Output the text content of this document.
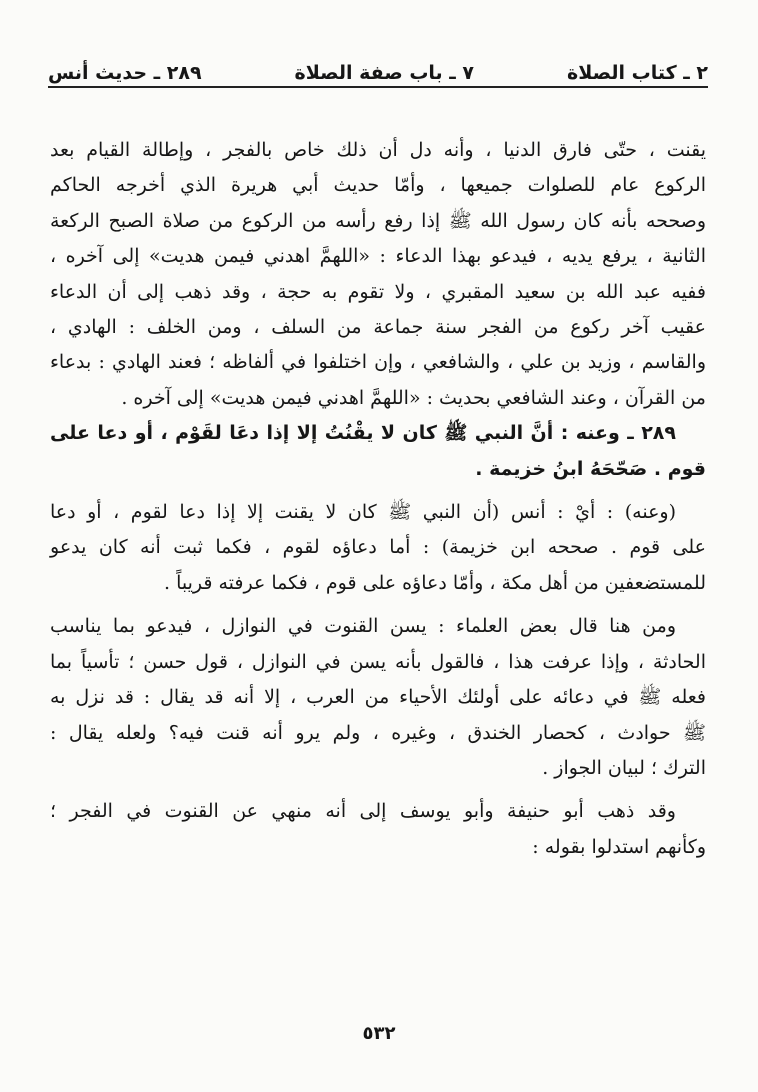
٢ ـ كتاب الصلاة
٧ ـ باب صفة الصلاة
٢٨٩ ـ حديث أنس
يقنت ، حتّى فارق الدنيا ، وأنه دل أن ذلك خاص بالفجر ، وإطالة القيام بعد
الركوع عام للصلوات جميعها ، وأمّا حديث أبي هريرة الذي أخرجه الحاكم
وصححه بأنه كان رسول الله ﷺ إذا رفع رأسه من الركوع من صلاة الصبح الركعة
الثانية ، يرفع يديه ، فيدعو بهذا الدعاء : «اللهمَّ اهدني فيمن هديت» إلى آخره ،
ففيه عبد الله بن سعيد المقبري ، ولا تقوم به حجة ، وقد ذهب إلى أن الدعاء
عقيب آخر ركوع من الفجر سنة جماعة من السلف ، ومن الخلف : الهادي ،
والقاسم ، وزيد بن علي ، والشافعي ، وإن اختلفوا في ألفاظه ؛ فعند الهادي : بدعاء
من القرآن ، وعند الشافعي بحديث : «اللهمَّ اهدني فيمن هديت» إلى آخره .
٢٨٩ ـ وعنه : أنَّ النبي ﷺ كان لا يقْنُتُ إلا إذا دعَا لقَوْم ، أو دعا على
قوم . صَحّحَهُ ابنُ خزيمة .
(وعنه) : أيْ : أنس (أن النبي ﷺ كان لا يقنت إلا إذا دعا لقوم ، أو دعا
على قوم . صححه ابن خزيمة) : أما دعاؤه لقوم ، فكما ثبت أنه كان يدعو
للمستضعفين من أهل مكة ، وأمّا دعاؤه على قوم ، فكما عرفته قريباً .
ومن هنا قال بعض العلماء : يسن القنوت في النوازل ، فيدعو بما يناسب
الحادثة ، وإذا عرفت هذا ، فالقول بأنه يسن في النوازل ، قول حسن ؛ تأسياً بما
فعله ﷺ في دعائه على أولئك الأحياء من العرب ، إلا أنه قد يقال : قد نزل به
ﷺ حوادث ، كحصار الخندق ، وغيره ، ولم يرو أنه قنت فيه؟ ولعله يقال :
الترك ؛ لبيان الجواز .
وقد ذهب أبو حنيفة وأبو يوسف إلى أنه منهي عن القنوت في الفجر ؛
وكأنهم استدلوا بقوله :
٥٣٢
